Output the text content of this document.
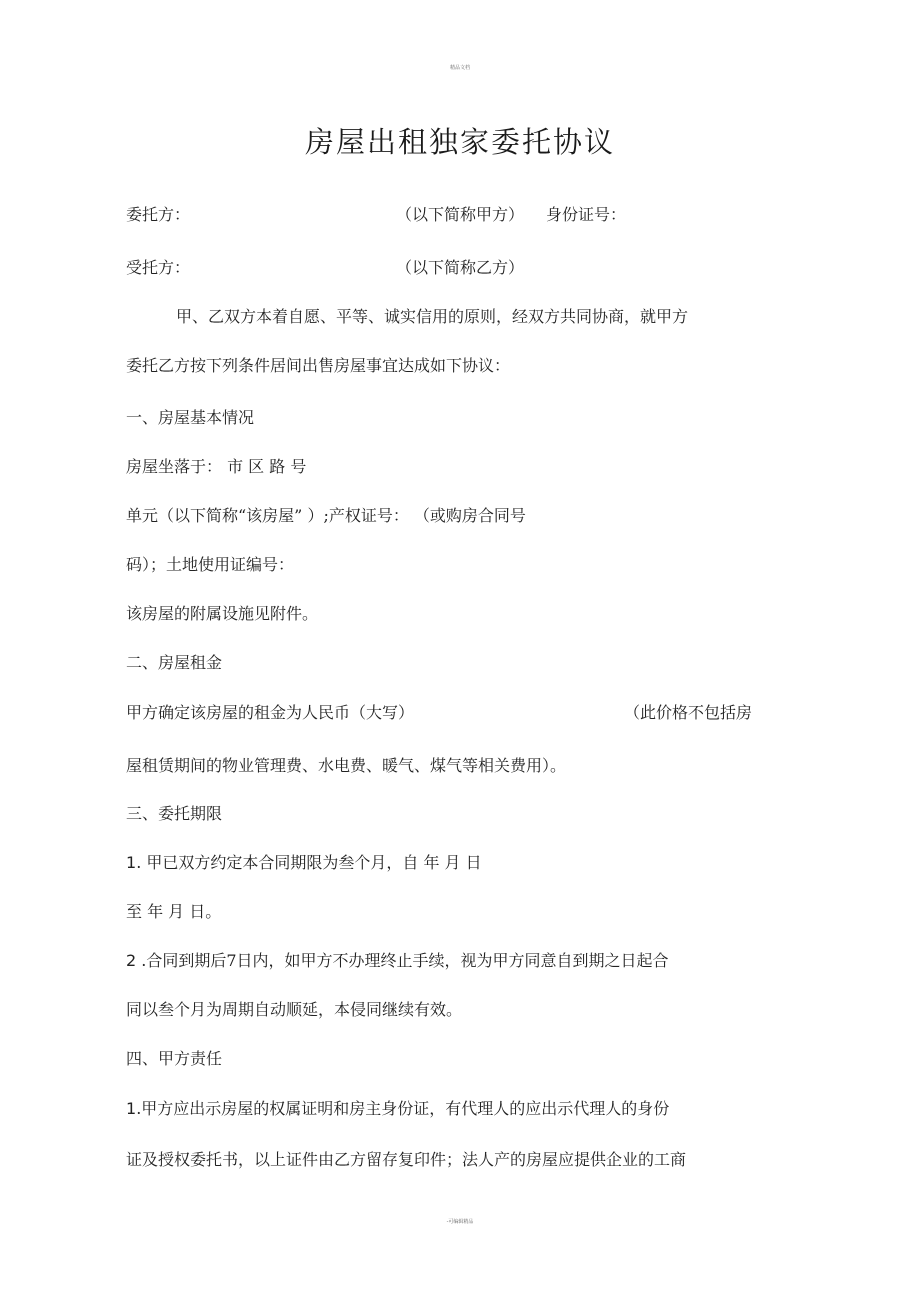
精品文档
房屋出租独家委托协议
委托方：	（以下简称甲方） 身份证号：
受托方：	（以下简称乙方）
甲、乙双方本着自愿、平等、诚实信用的原则，经双方共同协商，就甲方
委托乙方按下列条件居间出售房屋事宜达成如下协议：
一、房屋基本情况
房屋坐落于： 市 区 路 号
单元（以下简称“该房屋” ）;产权证号： （或购房合同号
码）；土地使用证编号：
该房屋的附属设施见附件。
二、房屋租金
甲方确定该房屋的租金为人民币（大写）	（此价格不包括房
屋租赁期间的物业管理费、水电费、暖气、煤气等相关费用）。
三、委托期限
1. 甲已双方约定本合同期限为叁个月，自 年 月 日
至 年 月 日。
2 .合同到期后7日内，如甲方不办理终止手续，视为甲方同意自到期之日起合
同以叁个月为周期自动顺延，本侵同继续有效。
四、甲方责任
1.甲方应出示房屋的权属证明和房主身份证，有代理人的应出示代理人的身份
证及授权委托书，以上证件由乙方留存复印件；法人产的房屋应提供企业的工商
-可编辑精品
